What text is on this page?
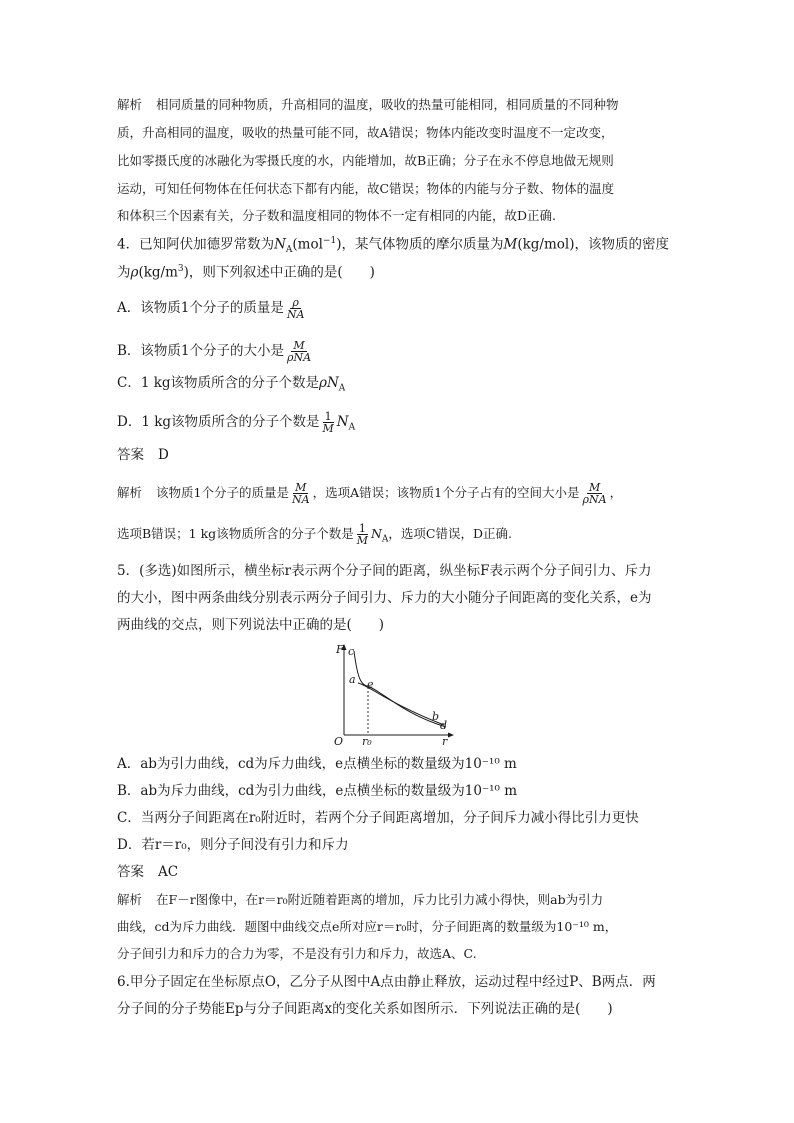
解析 相同质量的同种物质，升高相同的温度，吸收的热量可能相同，相同质量的不同种物
质，升高相同的温度，吸收的热量可能不同，故A错误；物体内能改变时温度不一定改变，
比如零摄氏度的冰融化为零摄氏度的水，内能增加，故B正确；分子在永不停息地做无规则
运动，可知任何物体在任何状态下都有内能，故C错误；物体的内能与分子数、物体的温度
和体积三个因素有关，分子数和温度相同的物体不一定有相同的内能，故D正确.
4．已知阿伏加德罗常数为$N_A(mol^{-1})$，某气体物质的摩尔质量为M(kg/mol)，该物质的密度
为$\rho(kg/m^3)$，则下列叙述中正确的是(　　)
A．该物质1个分子的质量是 $\frac{\rho}{NA}$
B．该物质1个分子的大小是 $\frac{M}{\text{ρNA}}$
C．1 kg该物质所含的分子个数是$\rho N_A$
D．1 kg该物质所含的分子个数是 $\frac{1}{M} N_A$
答案 D
解析 该物质1个分子的质量是 $\frac{M}{NA}$ ，选项A错误；该物质1个分子占有的空间大小是 $\frac{M}{\text{ρNA}}$ ，
选项B错误；1 kg该物质所含的分子个数是 $\frac{1}{M} N_A$，选项C错误，D正确.
5．(多选)如图所示，横坐标r表示两个分子间的距离，纵坐标F表示两个分子间引力、斥力
的大小，图中两条曲线分别表示两分子间引力、斥力的大小随分子间距离的变化关系，e为
两曲线的交点，则下列说法中正确的是(　　)
F c
a e
b
d
O r₀	r
A．ab为引力曲线，cd为斥力曲线，e点横坐标的数量级为10⁻¹⁰ m
B．ab为斥力曲线，cd为引力曲线，e点横坐标的数量级为10⁻¹⁰ m
C．当两分子间距离在r₀附近时，若两个分子间距离增加，分子间斥力减小得比引力更快
D．若r＝r₀，则分子间没有引力和斥力
答案 AC
解析 在F－r图像中，在r＝r₀附近随着距离的增加，斥力比引力减小得快，则ab为引力
曲线，cd为斥力曲线．题图中曲线交点e所对应r＝r₀时，分子间距离的数量级为10⁻¹⁰ m，
分子间引力和斥力的合力为零，不是没有引力和斥力，故选A、C.
6.甲分子固定在坐标原点O，乙分子从图中A点由静止释放，运动过程中经过P、B两点．两
分子间的分子势能Ep与分子间距离x的变化关系如图所示．下列说法正确的是(　　)
